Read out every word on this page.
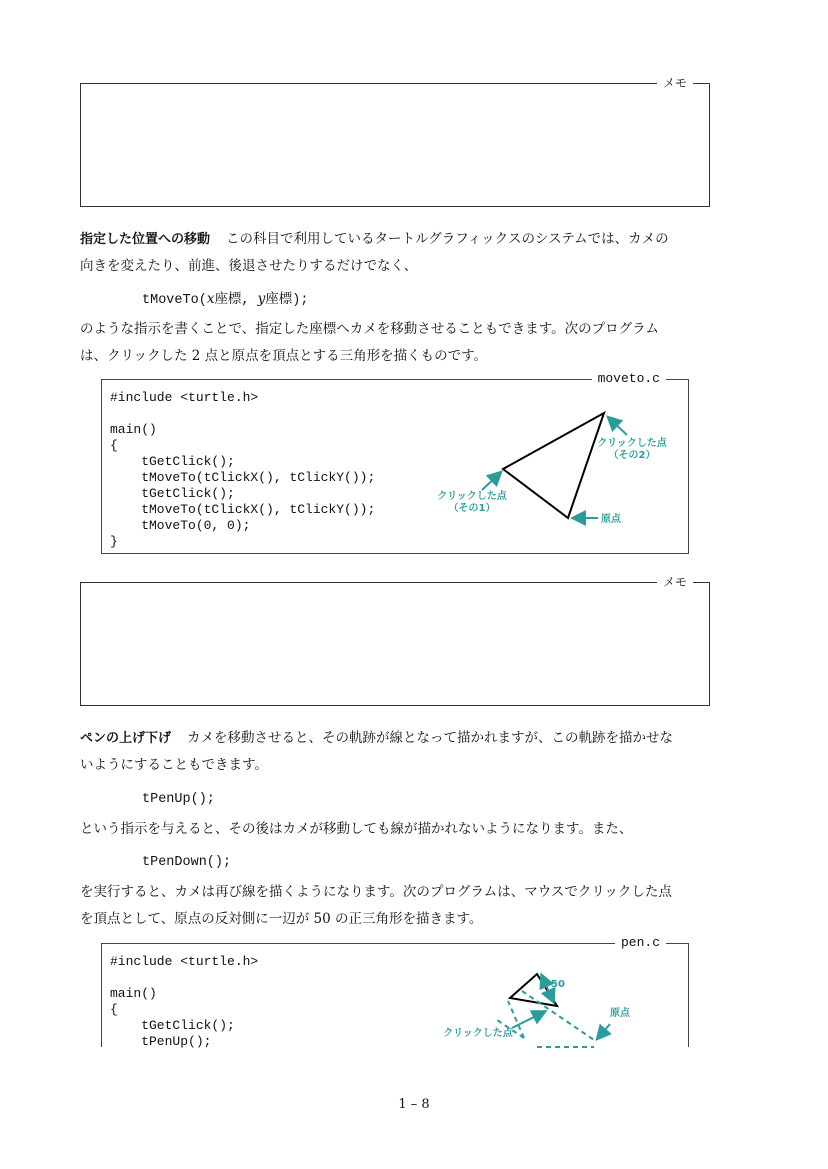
メモ

指定した位置への移動 この科目で利用しているタートルグラフィックスのシステムでは、カメの

向きを変えたり、前進、後退させたりするだけでなく、

tMoveTo(x座標, y座標);

のような指示を書くことで、指定した座標へカメを移動させることもできます。次のプログラム

は、クリックした 2 点と原点を頂点とする三角形を描くものです。

moveto.c
#include <turtle.h>
main()
{
tGetClick();
tMoveTo(tClickX(), tClickY());
tGetClick();
tMoveTo(tClickX(), tClickY());
tMoveTo(0, 0);
}
クリックした点
（その2）
クリックした点
（その1）
原点
メモ

ペンの上げ下げ カメを移動させると、その軌跡が線となって描かれますが、この軌跡を描かせな

いようにすることもできます。

tPenUp();

という指示を与えると、その後はカメが移動しても線が描かれないようになります。また、

tPenDown();

を実行すると、カメは再び線を描くようになります。次のプログラムは、マウスでクリックした点

を頂点として、原点の反対側に一辺が 50 の正三角形を描きます。

pen.c
#include <turtle.h>
main()
{
tGetClick();
tPenUp();
50
原点
クリックした点
1 – 8
